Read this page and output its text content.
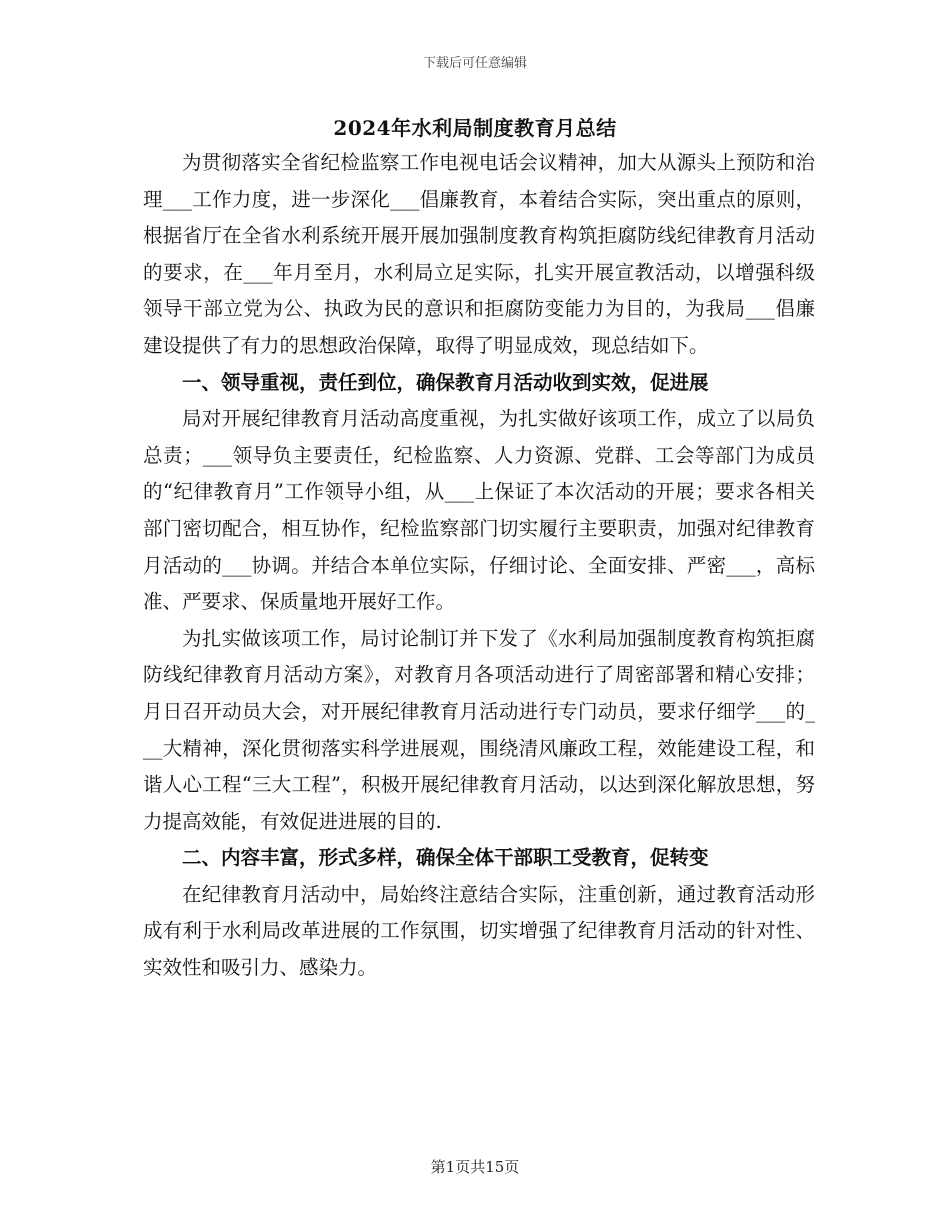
下载后可任意编辑
2024年水利局制度教育月总结

为贯彻落实全省纪检监察工作电视电话会议精神，加大从源头上预防和治理___工作力度，进一步深化___倡廉教育，本着结合实际，突出重点的原则，根据省厅在全省水利系统开展开展加强制度教育构筑拒腐防线纪律教育月活动的要求，在___年月至月，水利局立足实际，扎实开展宣教活动，以增强科级领导干部立党为公、执政为民的意识和拒腐防变能力为目的，为我局___倡廉建设提供了有力的思想政治保障，取得了明显成效，现总结如下。

一、领导重视，责任到位，确保教育月活动收到实效，促进展

局对开展纪律教育月活动高度重视，为扎实做好该项工作，成立了以局负总责；___领导负主要责任，纪检监察、人力资源、党群、工会等部门为成员的“纪律教育月”工作领导小组，从___上保证了本次活动的开展；要求各相关部门密切配合，相互协作，纪检监察部门切实履行主要职责，加强对纪律教育月活动的___协调。并结合本单位实际，仔细讨论、全面安排、严密___，高标准、严要求、保质量地开展好工作。

为扎实做该项工作，局讨论制订并下发了《水利局加强制度教育构筑拒腐防线纪律教育月活动方案》，对教育月各项活动进行了周密部署和精心安排；月日召开动员大会，对开展纪律教育月活动进行专门动员，要求仔细学___的___大精神，深化贯彻落实科学进展观，围绕清风廉政工程，效能建设工程，和谐人心工程“三大工程”，积极开展纪律教育月活动，以达到深化解放思想，努力提高效能，有效促进进展的目的.

二、内容丰富，形式多样，确保全体干部职工受教育，促转变

在纪律教育月活动中，局始终注意结合实际，注重创新，通过教育活动形成有利于水利局改革进展的工作氛围，切实增强了纪律教育月活动的针对性、实效性和吸引力、感染力。

第1页共15页
